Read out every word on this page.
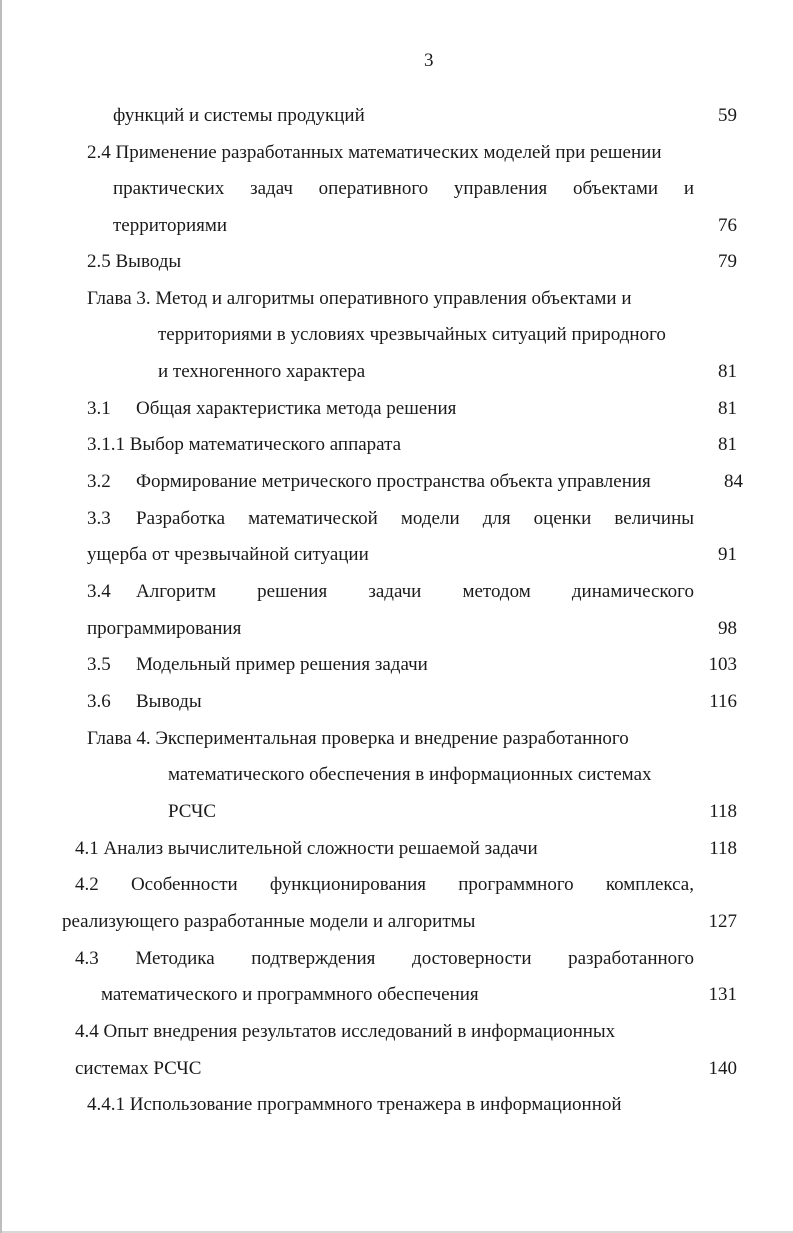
3
функций и системы продукций	59
2.4 Применение разработанных математических моделей при решении
практических задач оперативного управления объектами и
территориями	76
2.5 Выводы	79
Глава 3. Метод и алгоритмы оперативного управления объектами и
территориями в условиях чрезвычайных ситуаций природного
и техногенного характера	81
3.1 Общая характеристика метода решения	81
3.1.1 Выбор математического аппарата	81
3.2 Формирование метрического пространства объекта управления	84
3.3 Разработка математической модели для оценки величины
ущерба от чрезвычайной ситуации	91
3.4 Алгоритм решения задачи методом динамического
программирования	98
3.5 Модельный пример решения задачи	103
3.6 Выводы	116
Глава 4. Экспериментальная проверка и внедрение разработанного
математического обеспечения в информационных системах
РСЧС	118
4.1 Анализ вычислительной сложности решаемой задачи	118
4.2 Особенности функционирования программного комплекса,
реализующего разработанные модели и алгоритмы	127
4.3 Методика подтверждения достоверности разработанного
математического и программного обеспечения	131
4.4 Опыт внедрения результатов исследований в информационных
системах РСЧС	140
4.4.1 Использование программного тренажера в информационной
